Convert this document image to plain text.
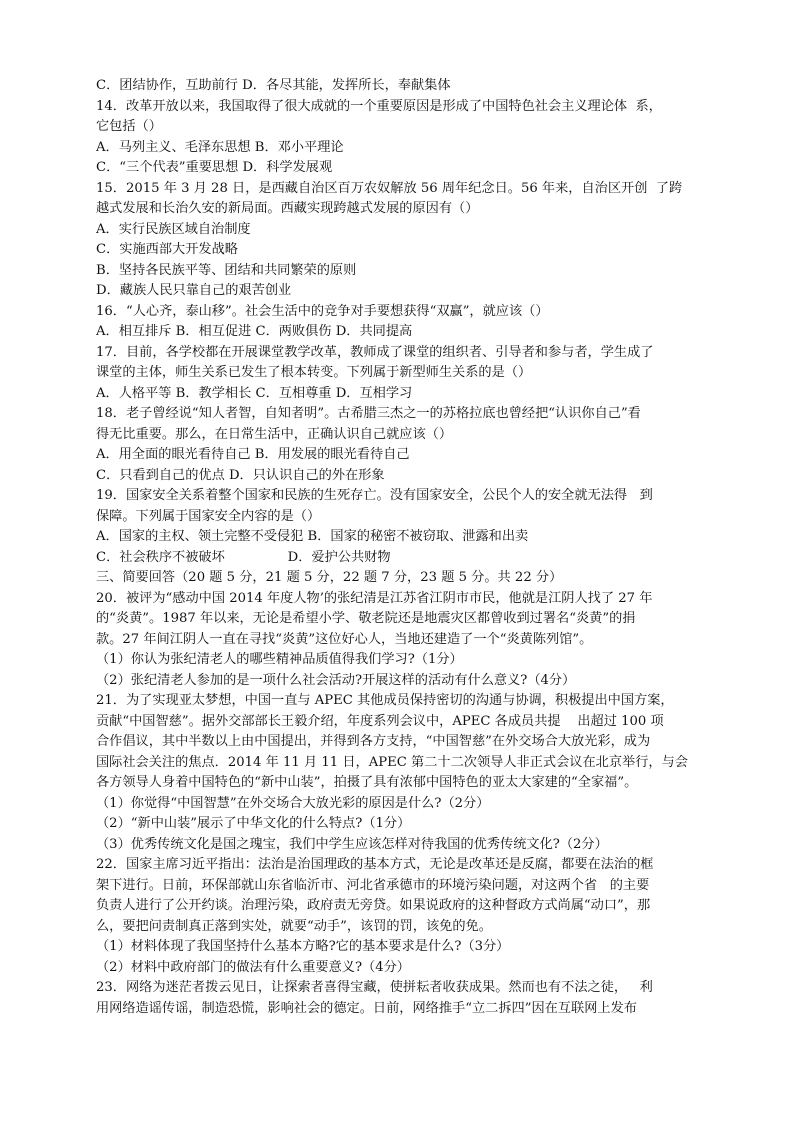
C．团结协作，互助前行 D．各尽其能，发挥所长，奉献集体
14．改革开放以来，我国取得了很大成就的一个重要原因是形成了中国特色社会主义理论体  系，
它包括（）
A．马列主义、毛泽东思想 B．邓小平理论
C．“三个代表”重要思想 D．科学发展观
15．2015 年 3 月 28 日，是西藏自治区百万农奴解放 56 周年纪念日。56 年来，自治区开创  了跨
越式发展和长治久安的新局面。西藏实现跨越式发展的原因有（）
A．实行民族区域自治制度
C．实施西部大开发战略
B．坚持各民族平等、团结和共同繁荣的原则
D．藏族人民只靠自己的艰苦创业
16．“人心齐，泰山移”。社会生活中的竞争对手要想获得“双赢”，就应该（）
A．相互排斥 B．相互促进 C．两败俱伤 D．共同提高
17．目前，各学校都在开展课堂教学改革，教师成了课堂的组织者、引导者和参与者，学生成了
课堂的主体，师生关系已发生了根本转变。下列属于新型师生关系的是（）
A．人格平等 B．教学相长 C．互相尊重 D．互相学习
18．老子曾经说“知人者智，自知者明”。古希腊三杰之一的苏格拉底也曾经把“认识你自己”看
得无比重要。那么，在日常生活中，正确认识自己就应该（）
A．用全面的眼光看待自己 B．用发展的眼光看待自己
C．只看到自己的优点 D．只认识自己的外在形象
19．国家安全关系着整个国家和民族的生死存亡。没有国家安全，公民个人的安全就无法得   到
保障。下列属于国家安全内容的是（）
A．国家的主权、领土完整不受侵犯 B．国家的秘密不被窃取、泄露和出卖
C．社会秩序不被破坏               D．爱护公共财物
三、简要回答（20 题 5 分，21 题 5 分，22 题 7 分，23 题 5 分。共 22 分）
20．被评为“感动中国 2014 年度人物’的张纪清是江苏省江阴市市民，他就是江阴人找了 27 年
的“炎黄”。1987 年以来，无论是希望小学、敬老院还是地震灾区都曾收到过署名“炎黄”的捐
款。27 年间江阴人一直在寻找“炎黄”这位好心人，当地还建造了一个“炎黄陈列馆”。
（1）你认为张纪清老人的哪些精神品质值得我们学习?（1分）
（2）张纪清老人参加的是一项什么社会活动?开展这样的活动有什么意义?（4分）
21．为了实现亚太梦想，中国一直与 APEC 其他成员保持密切的沟通与协调，积极提出中国方案，
贡献“中国智慈”。据外交部部长王毅介绍，年度系列会议中，APEC 各成员共提    出超过 100 项
合作倡议，其中半数以上由中国提出，并得到各方支持，“中国智慈”在外交场合大放光彩，成为
国际社会关注的焦点．2014 年 11 月 11 日，APEC 第二十二次领导人非正式会议在北京举行，与会
各方领导人身着中国特色的“新中山装”，拍摄了具有浓郁中国特色的亚太大家建的“全家福”。
（1）你觉得“中国智慧”在外交场合大放光彩的原因是什么?（2分）
（2）“新中山装”展示了中华文化的什么特点?（1分）
（3）优秀传统文化是国之瑰宝，我们中学生应该怎样对待我国的优秀传统文化?（2分）
22．国家主席习近平指出：法治是治国理政的基本方式，无论是改革还是反腐，都要在法治的框
架下进行。日前，环保部就山东省临沂市、河北省承德市的环境污染问题，对这两个省   的主要
负责人进行了公开约谈。治理污染，政府责无旁贷。如果说政府的这种督政方式尚属“动口”，那
么，要把问责制真正落到实处，就要“动手”，该罚的罚，该免的免。
（1）材料体现了我国坚持什么基本方略?它的基本要求是什么?（3分）
（2）材料中政府部门的做法有什么重要意义?（4分）
23．网络为迷茫者拨云见日，让探索者喜得宝藏，使拼耘者收获成果。然而也有不法之徒，   利
用网络造谣传谣，制造恐慌，影响社会的德定。日前，网络推手“立二拆四”因在互联网上发布
